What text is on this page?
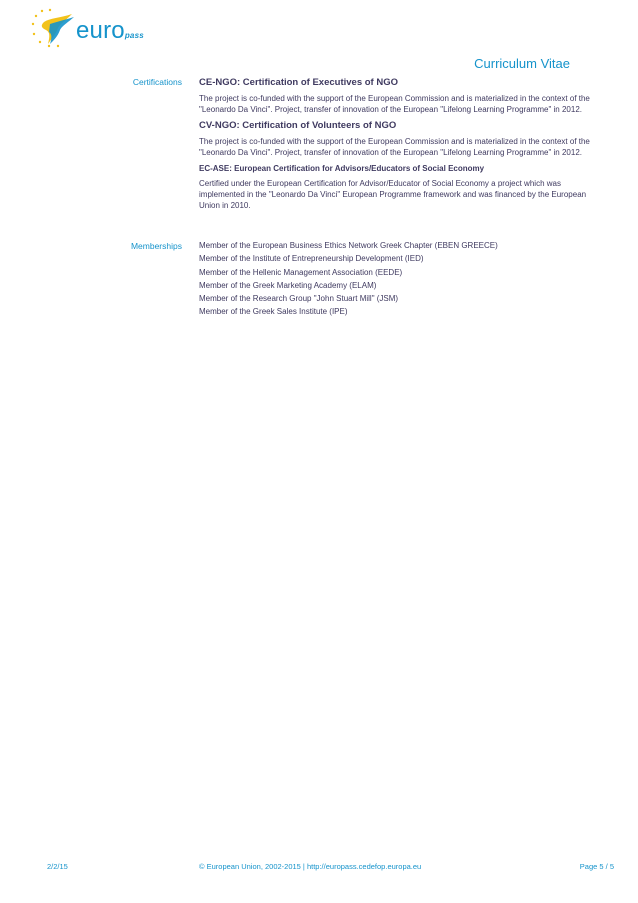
europass
Curriculum Vitae
Certifications CE-NGO: Certification of Executives of NGO
The project is co-funded with the support of the European Commission and is materialized in the context of the "Leonardo Da Vinci". Project, transfer of innovation of the European "Lifelong Learning Programme" in 2012.
CV-NGO: Certification of Volunteers of NGO
The project is co-funded with the support of the European Commission and is materialized in the context of the "Leonardo Da Vinci". Project, transfer of innovation of the European "Lifelong Learning Programme" in 2012.
EC-ASE: European Certification for Advisors/Educators of Social Economy
Certified under the European Certification for Advisor/Educator of Social Economy a project which was implemented in the "Leonardo Da Vinci" European Programme framework and was financed by the European Union in 2010.
Memberships Member of the European Business Ethics Network Greek Chapter (EBEN GREECE)
Member of the Institute of Entrepreneurship Development (IED)
Member of the Hellenic Management Association (EEDE)
Member of the Greek Marketing Academy (ELAM)
Member of the Research Group "John Stuart Mill" (JSM)
Member of the Greek Sales Institute (IPE)
2/2/15	© European Union, 2002-2015 | http://europass.cedefop.europa.eu	Page 5 / 5
